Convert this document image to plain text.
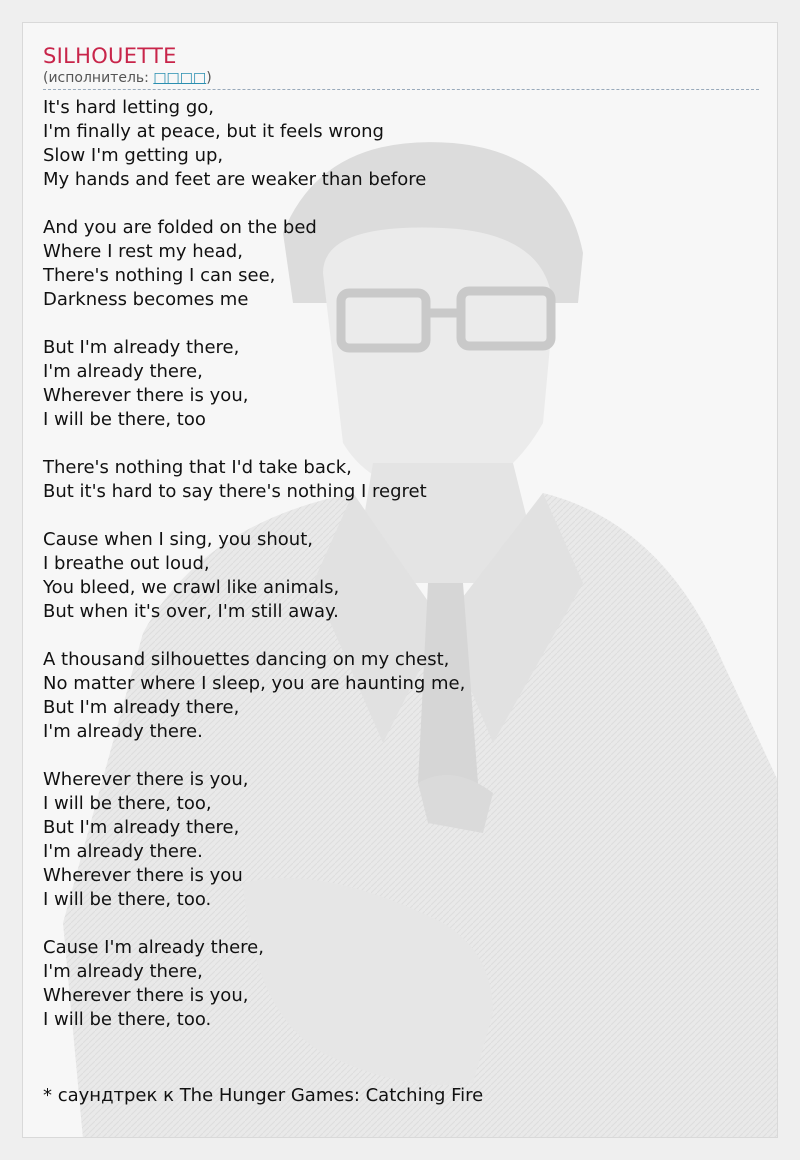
SILHOUETTE
(исполнитель: □□□□)
It's hard letting go,
I'm finally at peace, but it feels wrong
Slow I'm getting up,
My hands and feet are weaker than before
And you are folded on the bed
Where I rest my head,
There's nothing I can see,
Darkness becomes me
But I'm already there,
I'm already there,
Wherever there is you,
I will be there, too
There's nothing that I'd take back,
But it's hard to say there's nothing I regret
Cause when I sing, you shout,
I breathe out loud,
You bleed, we crawl like animals,
But when it's over, I'm still away.
A thousand silhouettes dancing on my chest,
No matter where I sleep, you are haunting me,
But I'm already there,
I'm already there.
Wherever there is you,
I will be there, too,
But I'm already there,
I'm already there.
Wherever there is you
I will be there, too.
Cause I'm already there,
I'm already there,
Wherever there is you,
I will be there, too.
* саундтрек к The Hunger Games: Catching Fire
